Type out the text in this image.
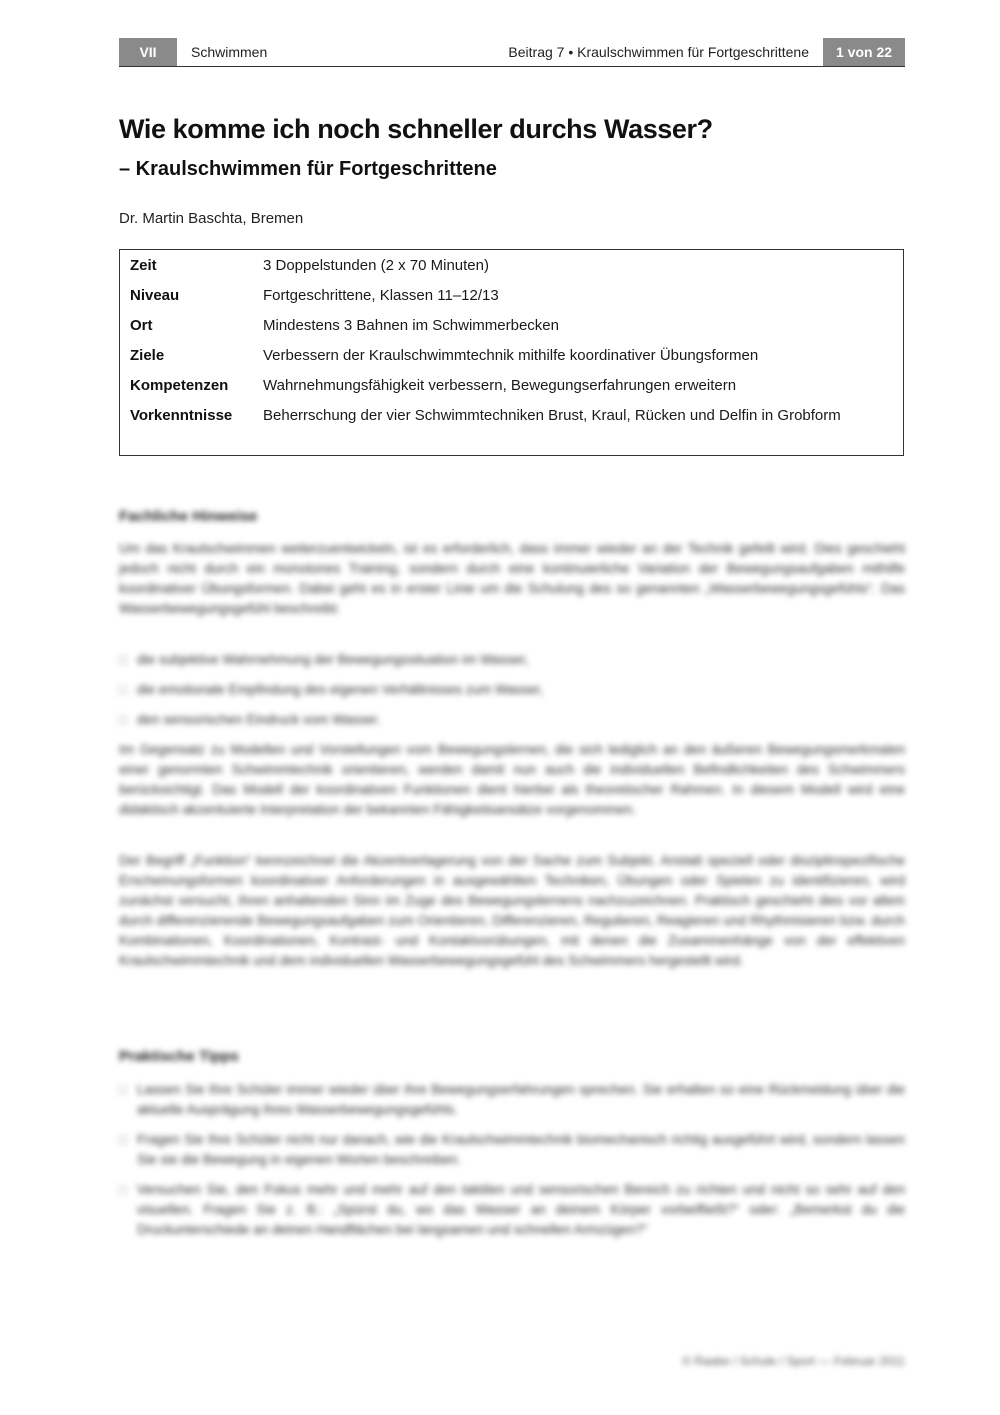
VII	Schwimmen	Beitrag 7 • Kraulschwimmen für Fortgeschrittene	1 von 22
Wie komme ich noch schneller durchs Wasser?
– Kraulschwimmen für Fortgeschrittene
Dr. Martin Baschta, Bremen
Zeit	3 Doppelstunden (2 x 70 Minuten)
Niveau	Fortgeschrittene, Klassen 11–12/13
Ort	Mindestens 3 Bahnen im Schwimmerbecken
Ziele	Verbessern der Kraulschwimmtechnik mithilfe koordinativer Übungsformen
Kompetenzen	Wahrnehmungsfähigkeit verbessern, Bewegungserfahrungen erweitern
Vorkenntnisse	Beherrschung der vier Schwimmtechniken Brust, Kraul, Rücken und Delfin in Grobform
Fachliche Hinweise

Um das Kraulschwimmen weiterzuentwickeln, ist es erforderlich, dass immer wieder an der Technik gefeilt wird. Dies geschieht jedoch nicht durch ein monotones Training, sondern durch eine kontinuierliche Variation der Bewegungsaufgaben mithilfe koordinativer Übungsformen. Dabei geht es in erster Linie um die Schulung des so genannten „Wasserbewegungsgefühls“. Das Wasserbewegungsgefühl beschreibt:

□ die subjektive Wahrnehmung der Bewegungssituation im Wasser,
□ die emotionale Empfindung des eigenen Verhältnisses zum Wasser,
□ den sensorischen Eindruck vom Wasser.

Im Gegensatz zu Modellen und Vorstellungen vom Bewegungslernen, die sich lediglich an den äußeren Bewegungsmerkmalen einer genormten Schwimmtechnik orientieren, werden damit nun auch die individuellen Befindlichkeiten des Schwimmers berücksichtigt. Das Modell der koordinativen Funktionen dient hierbei als theoretischer Rahmen. In diesem Modell wird eine didaktisch akzentuierte Interpretation der bekannten Fähigkeitsansätze vorgenommen.

Der Begriff „Funktion“ kennzeichnet die Akzentverlagerung von der Sache zum Subjekt. Anstatt speziell oder disziplinspezifische Erscheinungsformen koordinativer Anforderungen in ausgewählten Techniken, Übungen oder Spielen zu identifizieren, wird zunächst versucht, ihren anhaltenden Sinn im Zuge des Bewegungslernens nachzuzeichnen. Praktisch geschieht dies vor allem durch differenzierende Bewegungsaufgaben zum Orientieren, Differenzieren, Regulieren, Reagieren und Rhythmisieren bzw. durch Kombinationen, Koordinationen, Kontrast- und Kontaktvorübungen, mit denen die Zusammenhänge von der effektiven Kraulschwimmtechnik und dem individuellen Wasserbewegungsgefühl des Schwimmers hergestellt wird.

Praktische Tipps
□ Lassen Sie Ihre Schüler immer wieder über ihre Bewegungserfahrungen sprechen. Sie erhalten so eine Rückmeldung über die aktuelle Ausprägung ihres Wasserbewegungsgefühls.
□ Fragen Sie Ihre Schüler nicht nur danach, wie die Kraulschwimmtechnik biomechanisch richtig ausgeführt wird, sondern lassen Sie sie die Bewegung in eigenen Worten beschreiben.
□ Versuchen Sie, den Fokus mehr und mehr auf den taktilen und sensorischen Bereich zu richten und nicht so sehr auf den visuellen. Fragen Sie z. B.: „Spürst du, wo das Wasser an deinem Körper vorbeifließt?“ oder: „Bemerkst du die Druckunterschiede an deinen Handflächen bei langsamen und schnellen Armzügen?“
© Raabe / Schule / Sport — Februar 2011
